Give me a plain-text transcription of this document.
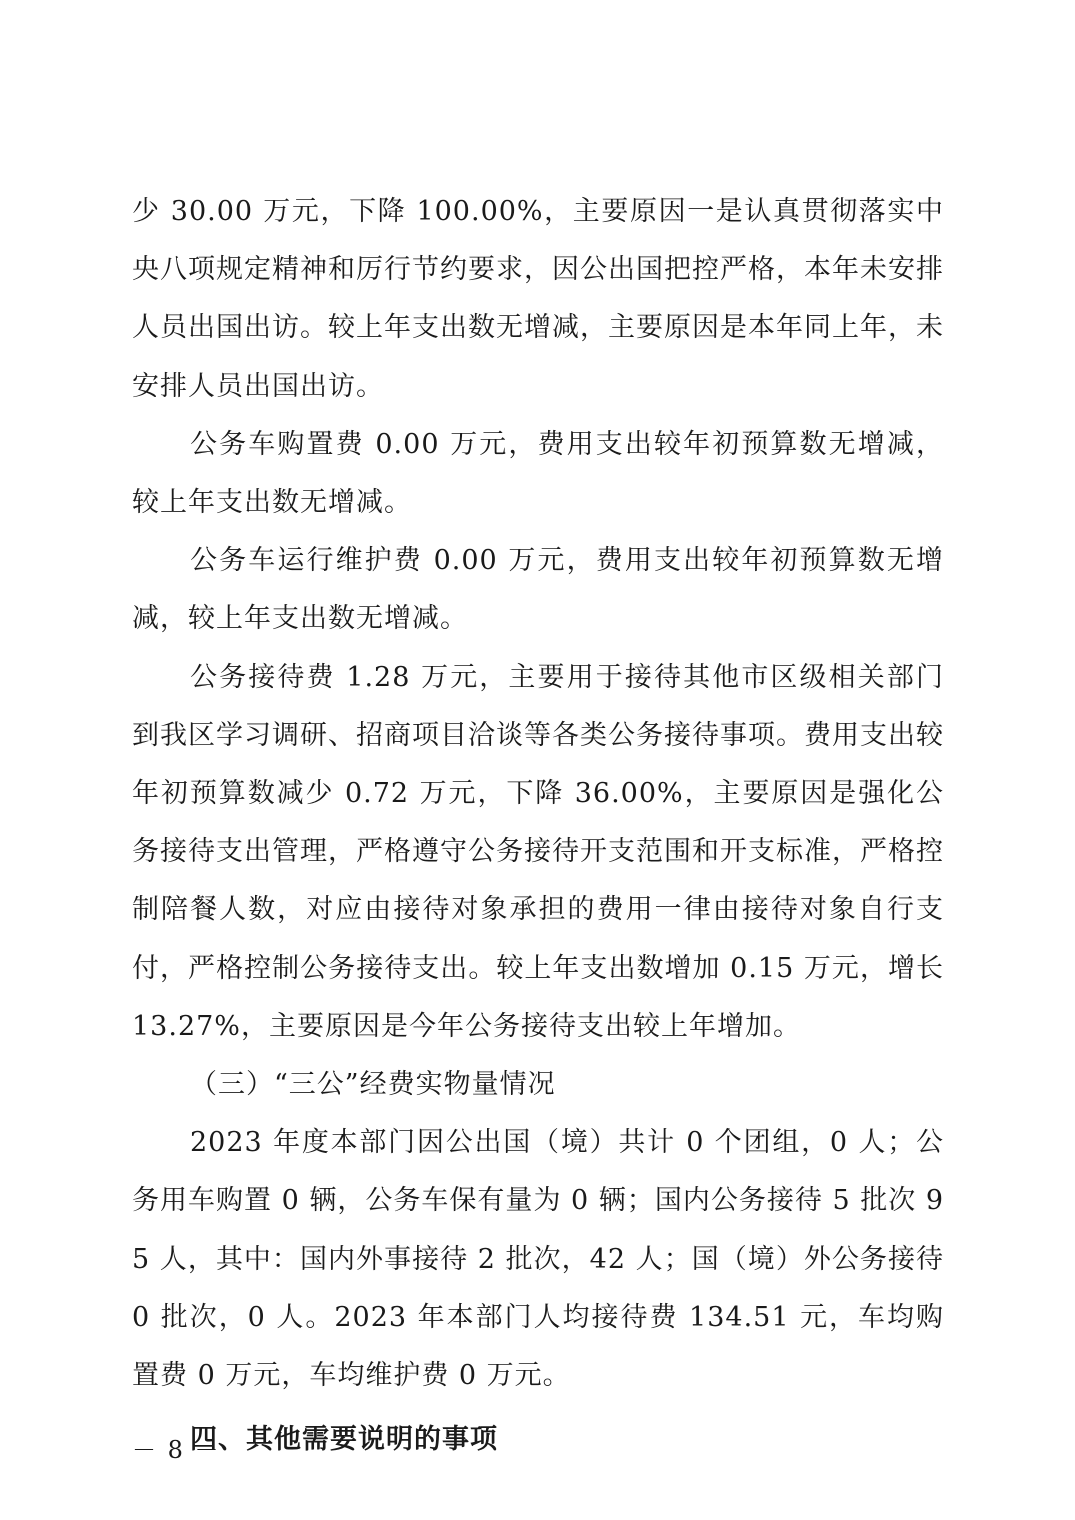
少 30.00 万元，下降 100.00%，主要原因一是认真贯彻落实中央八项规定精神和厉行节约要求，因公出国把控严格，本年未安排人员出国出访。较上年支出数无增减，主要原因是本年同上年，未安排人员出国出访。

公务车购置费 0.00 万元，费用支出较年初预算数无增减，较上年支出数无增减。

公务车运行维护费 0.00 万元，费用支出较年初预算数无增减，较上年支出数无增减。

公务接待费 1.28 万元，主要用于接待其他市区级相关部门到我区学习调研、招商项目洽谈等各类公务接待事项。费用支出较年初预算数减少 0.72 万元，下降 36.00%，主要原因是强化公务接待支出管理，严格遵守公务接待开支范围和开支标准，严格控制陪餐人数，对应由接待对象承担的费用一律由接待对象自行支付，严格控制公务接待支出。较上年支出数增加 0.15 万元，增长 13.27%，主要原因是今年公务接待支出较上年增加。

（三）“三公”经费实物量情况

2023 年度本部门因公出国（境）共计 0 个团组，0 人；公务用车购置 0 辆，公务车保有量为 0 辆；国内公务接待 5 批次 95 人，其中：国内外事接待 2 批次，42 人；国（境）外公务接待 0 批次，0 人。2023 年本部门人均接待费 134.51 元，车均购置费 0 万元，车均维护费 0 万元。

四、其他需要说明的事项

－ 8 －
